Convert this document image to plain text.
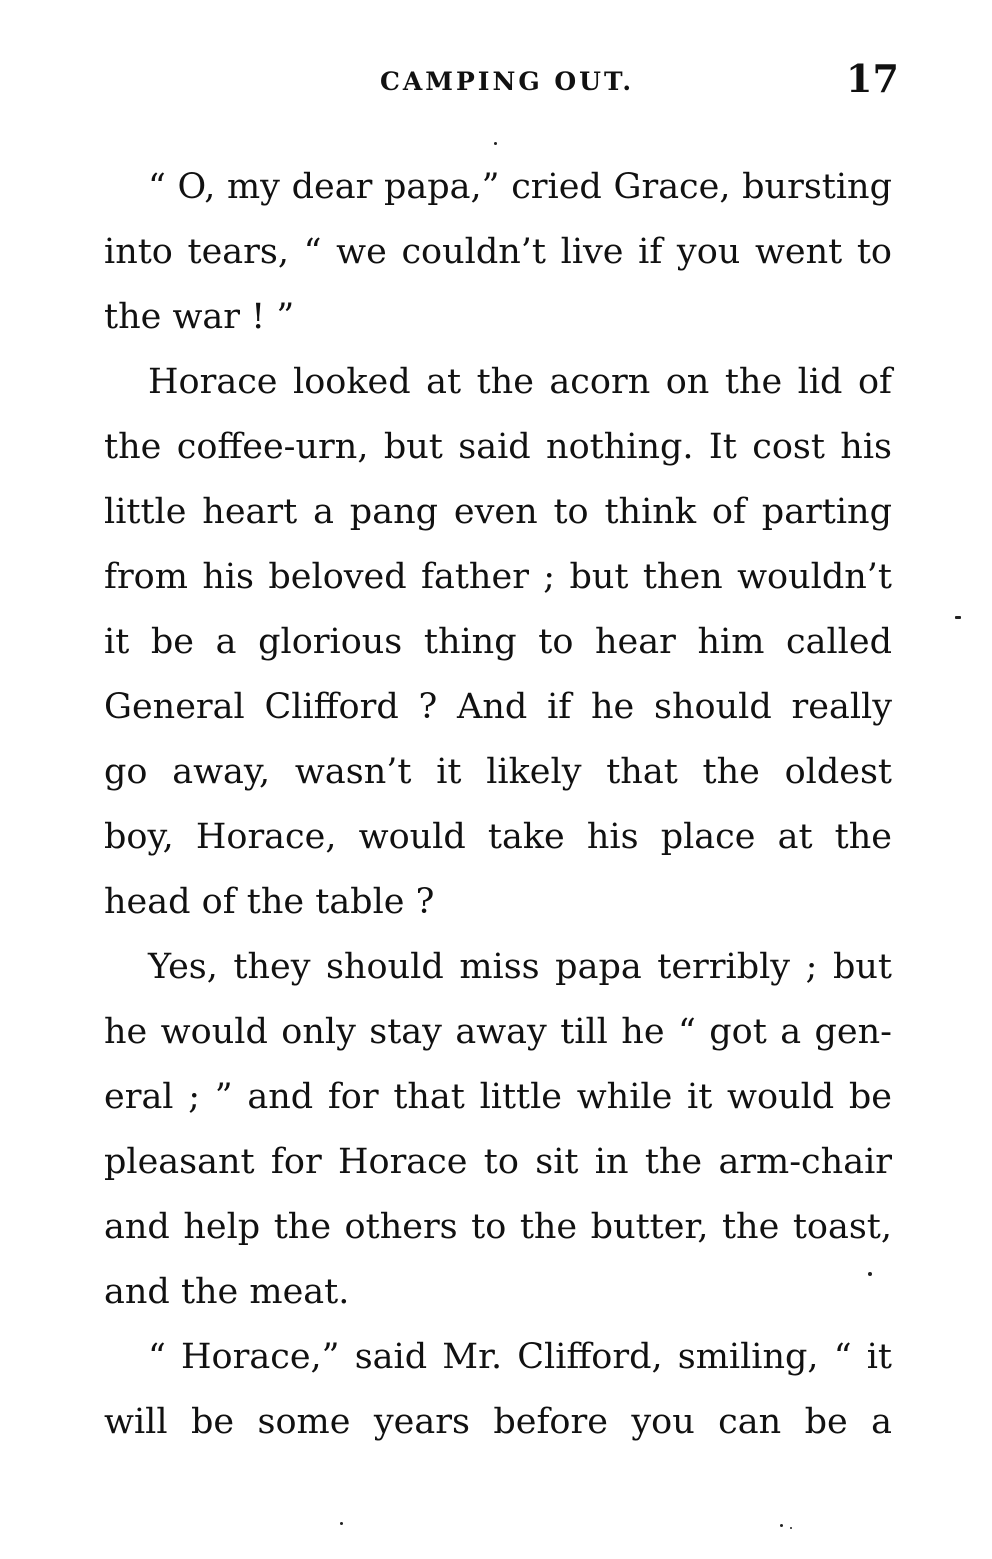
CAMPING OUT.	17
“ O, my dear papa,” cried Grace, bursting
into tears, “ we couldn’t live if you went to
the war ! ”
Horace looked at the acorn on the lid of
the coffee-urn, but said nothing. It cost his
little heart a pang even to think of parting
from his beloved father ; but then wouldn’t
it be a glorious thing to hear him called
General Clifford ? And if he should really
go away, wasn’t it likely that the oldest
boy, Horace, would take his place at the
head of the table ?
Yes, they should miss papa terribly ; but
he would only stay away till he “ got a gen-
eral ; ” and for that little while it would be
pleasant for Horace to sit in the arm-chair
and help the others to the butter, the toast,
and the meat.
“ Horace,” said Mr. Clifford, smiling, “ it
will be some years before you can be a
